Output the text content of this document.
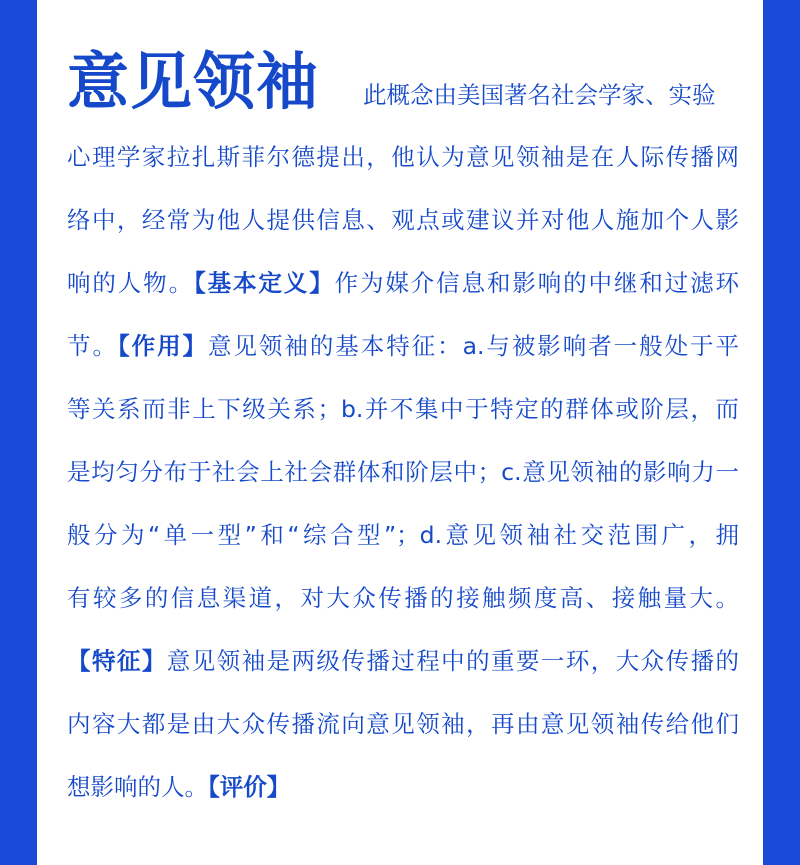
意见领袖 此概念由美国著名社会学家、实验
心理学家拉扎斯菲尔德提出，他认为意见领袖是在人际传播网
络中，经常为他人提供信息、观点或建议并对他人施加个人影
响的人物。【基本定义】作为媒介信息和影响的中继和过滤环
节。【作用】意见领袖的基本特征：a.与被影响者一般处于平
等关系而非上下级关系；b.并不集中于特定的群体或阶层，而
是均匀分布于社会上社会群体和阶层中；c.意见领袖的影响力一
般分为“单一型”和“综合型”；d.意见领袖社交范围广，拥
有较多的信息渠道，对大众传播的接触频度高、接触量大。
【特征】意见领袖是两级传播过程中的重要一环，大众传播的
内容大都是由大众传播流向意见领袖，再由意见领袖传给他们
想影响的人。【评价】
